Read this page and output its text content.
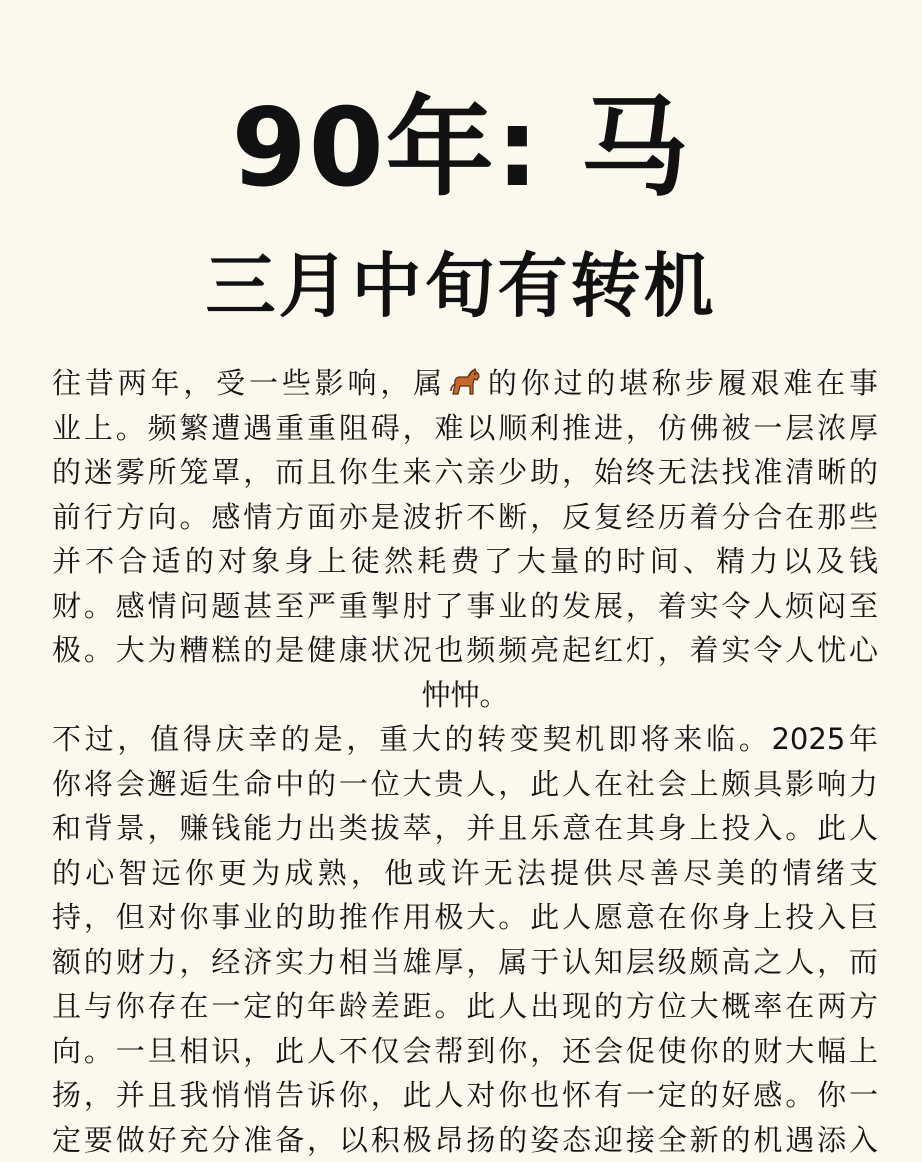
90年: 马
三月中旬有转机
往昔两年，受一些影响，属 的你过的堪称步履艰难在事
业上。频繁遭遇重重阻碍，难以顺利推进，仿佛被一层浓厚
的迷雾所笼罩，而且你生来六亲少助，始终无法找准清晰的
前行方向。感情方面亦是波折不断，反复经历着分合在那些
并不合适的对象身上徒然耗费了大量的时间、精力以及钱
财。感情问题甚至严重掣肘了事业的发展，着实令人烦闷至
极。大为糟糕的是健康状况也频频亮起红灯，着实令人忧心
忡忡。
不过，值得庆幸的是，重大的转变契机即将来临。2025年
你将会邂逅生命中的一位大贵人，此人在社会上颇具影响力
和背景，赚钱能力出类拔萃，并且乐意在其身上投入。此人
的心智远你更为成熟，他或许无法提供尽善尽美的情绪支
持，但对你事业的助推作用极大。此人愿意在你身上投入巨
额的财力，经济实力相当雄厚，属于认知层级颇高之人，而
且与你存在一定的年龄差距。此人出现的方位大概率在两方
向。一旦相识，此人不仅会帮到你，还会促使你的财大幅上
扬，并且我悄悄告诉你，此人对你也怀有一定的好感。你一
定要做好充分准备，以积极昂扬的姿态迎接全新的机遇添入
